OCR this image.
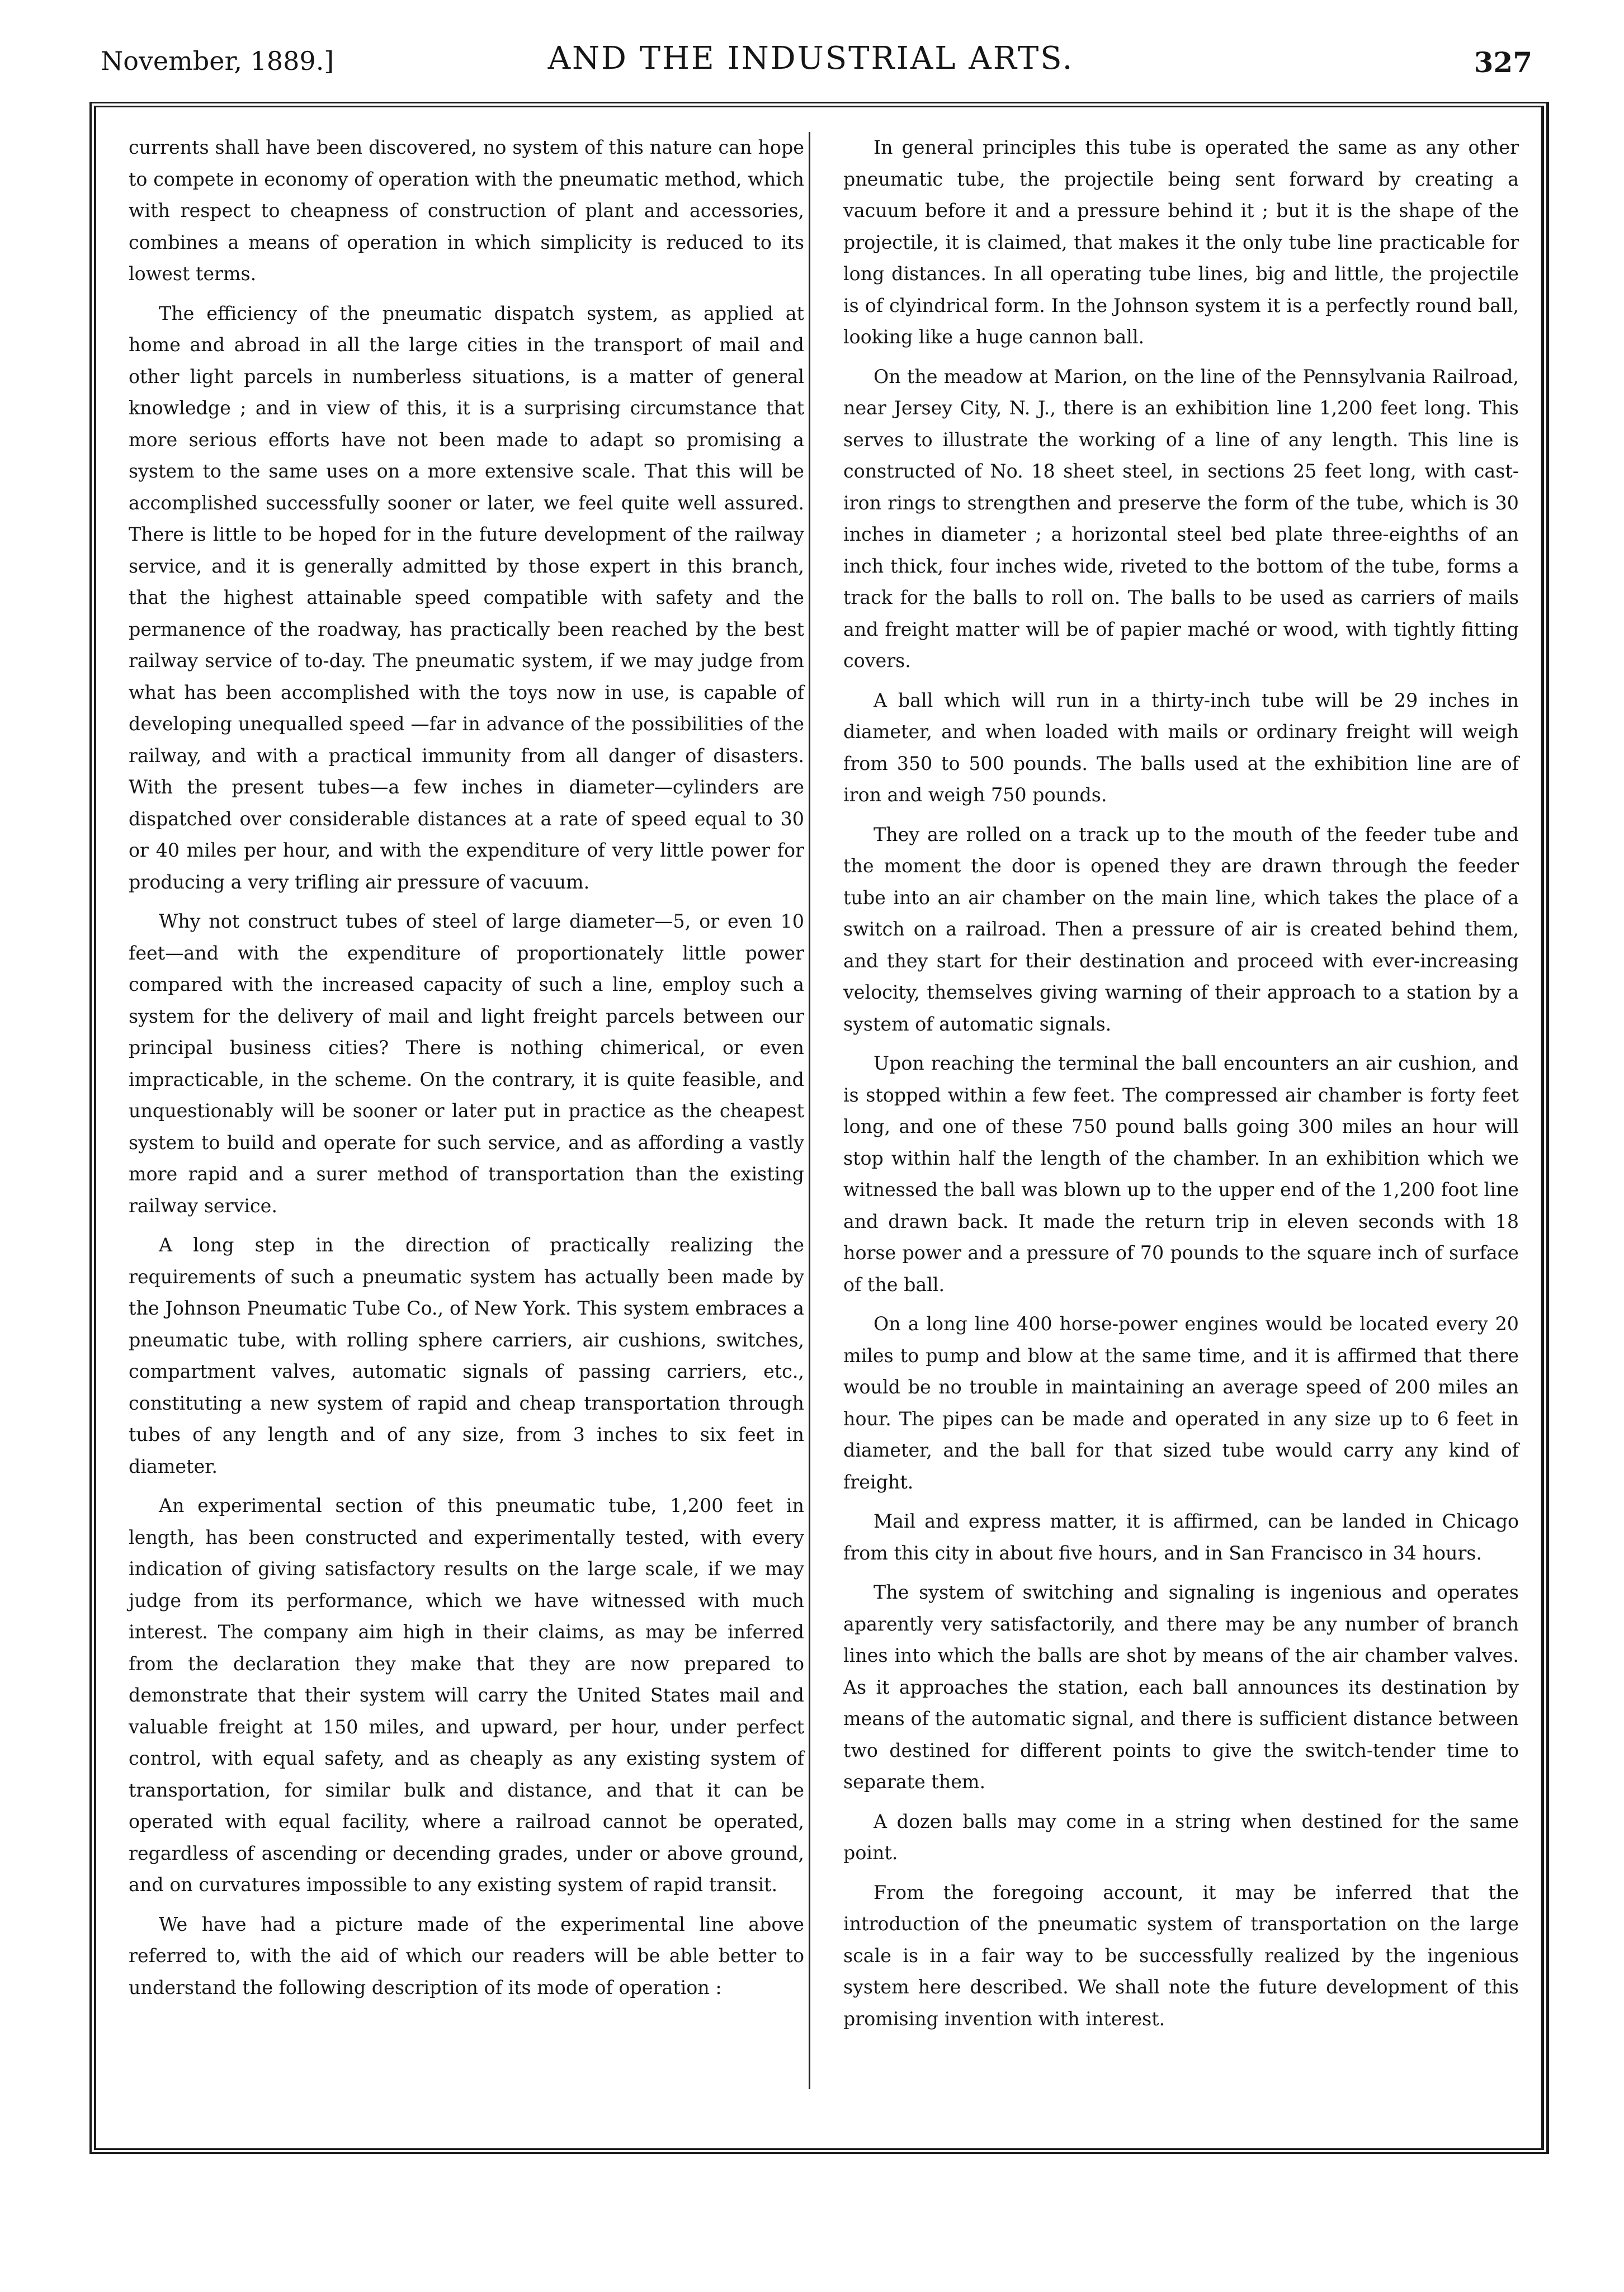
November, 1889.]	AND THE INDUSTRIAL ARTS.	327

currents shall have been discovered, no system of this nature can hope to compete in economy of operation with the pneumatic method, which with respect to cheapness of construction of plant and accessories, combines a means of operation in which simplicity is reduced to its lowest terms.

The efficiency of the pneumatic dispatch system, as applied at home and abroad in all the large cities in the transport of mail and other light parcels in numberless situations, is a matter of general knowledge ; and in view of this, it is a surprising circumstance that more serious efforts have not been made to adapt so promising a system to the same uses on a more extensive scale. That this will be accomplished successfully sooner or later, we feel quite well assured. There is little to be hoped for in the future development of the railway service, and it is generally admitted by those expert in this branch, that the highest attainable speed compatible with safety and the permanence of the roadway, has practically been reached by the best railway service of to-day. The pneumatic system, if we may judge from what has been accomplished with the toys now in use, is capable of developing unequalled speed —far in advance of the possibilities of the railway, and with a practical immunity from all danger of disasters. With the present tubes—a few inches in diameter—cylinders are dispatched over considerable distances at a rate of speed equal to 30 or 40 miles per hour, and with the expenditure of very little power for producing a very trifling air pressure of vacuum.

Why not construct tubes of steel of large diameter—5, or even 10 feet—and with the expenditure of proportionately little power compared with the increased capacity of such a line, employ such a system for the delivery of mail and light freight parcels between our principal business cities? There is nothing chimerical, or even impracticable, in the scheme. On the contrary, it is quite feasible, and unquestionably will be sooner or later put in practice as the cheapest system to build and operate for such service, and as affording a vastly more rapid and a surer method of transportation than the existing railway service.

A long step in the direction of practically realizing the requirements of such a pneumatic system has actually been made by the Johnson Pneumatic Tube Co., of New York. This system embraces a pneumatic tube, with rolling sphere carriers, air cushions, switches, compartment valves, automatic signals of passing carriers, etc., constituting a new system of rapid and cheap transportation through tubes of any length and of any size, from 3 inches to six feet in diameter.

An experimental section of this pneumatic tube, 1,200 feet in length, has been constructed and experimentally tested, with every indication of giving satisfactory results on the large scale, if we may judge from its performance, which we have witnessed with much interest. The company aim high in their claims, as may be inferred from the declaration they make that they are now prepared to demonstrate that their system will carry the United States mail and valuable freight at 150 miles, and upward, per hour, under perfect control, with equal safety, and as cheaply as any existing system of transportation, for similar bulk and distance, and that it can be operated with equal facility, where a railroad cannot be operated, regardless of ascending or decending grades, under or above ground, and on curvatures impossible to any existing system of rapid transit.

We have had a picture made of the experimental line above referred to, with the aid of which our readers will be able better to understand the following description of its mode of operation :

In general principles this tube is operated the same as any other pneumatic tube, the projectile being sent forward by creating a vacuum before it and a pressure behind it ; but it is the shape of the projectile, it is claimed, that makes it the only tube line practicable for long distances. In all operating tube lines, big and little, the projectile is of clyindrical form. In the Johnson system it is a perfectly round ball, looking like a huge cannon ball.

On the meadow at Marion, on the line of the Pennsylvania Railroad, near Jersey City, N. J., there is an exhibition line 1,200 feet long. This serves to illustrate the working of a line of any length. This line is constructed of No. 18 sheet steel, in sections 25 feet long, with cast-iron rings to strengthen and preserve the form of the tube, which is 30 inches in diameter ; a horizontal steel bed plate three-eighths of an inch thick, four inches wide, riveted to the bottom of the tube, forms a track for the balls to roll on. The balls to be used as carriers of mails and freight matter will be of papier maché or wood, with tightly fitting covers.

A ball which will run in a thirty-inch tube will be 29 inches in diameter, and when loaded with mails or ordinary freight will weigh from 350 to 500 pounds. The balls used at the exhibition line are of iron and weigh 750 pounds.

They are rolled on a track up to the mouth of the feeder tube and the moment the door is opened they are drawn through the feeder tube into an air chamber on the main line, which takes the place of a switch on a railroad. Then a pressure of air is created behind them, and they start for their destination and proceed with ever-increasing velocity, themselves giving warning of their approach to a station by a system of automatic signals.

Upon reaching the terminal the ball encounters an air cushion, and is stopped within a few feet. The compressed air chamber is forty feet long, and one of these 750 pound balls going 300 miles an hour will stop within half the length of the chamber. In an exhibition which we witnessed the ball was blown up to the upper end of the 1,200 foot line and drawn back. It made the return trip in eleven seconds with 18 horse power and a pressure of 70 pounds to the square inch of surface of the ball.

On a long line 400 horse-power engines would be located every 20 miles to pump and blow at the same time, and it is affirmed that there would be no trouble in maintaining an average speed of 200 miles an hour. The pipes can be made and operated in any size up to 6 feet in diameter, and the ball for that sized tube would carry any kind of freight.

Mail and express matter, it is affirmed, can be landed in Chicago from this city in about five hours, and in San Francisco in 34 hours.

The system of switching and signaling is ingenious and operates aparently very satisfactorily, and there may be any number of branch lines into which the balls are shot by means of the air chamber valves. As it approaches the station, each ball announces its destination by means of the automatic signal, and there is sufficient distance between two destined for different points to give the switch-tender time to separate them.

A dozen balls may come in a string when destined for the same point.

From the foregoing account, it may be inferred that the introduction of the pneumatic system of transportation on the large scale is in a fair way to be successfully realized by the ingenious system here described. We shall note the future development of this promising invention with interest.
